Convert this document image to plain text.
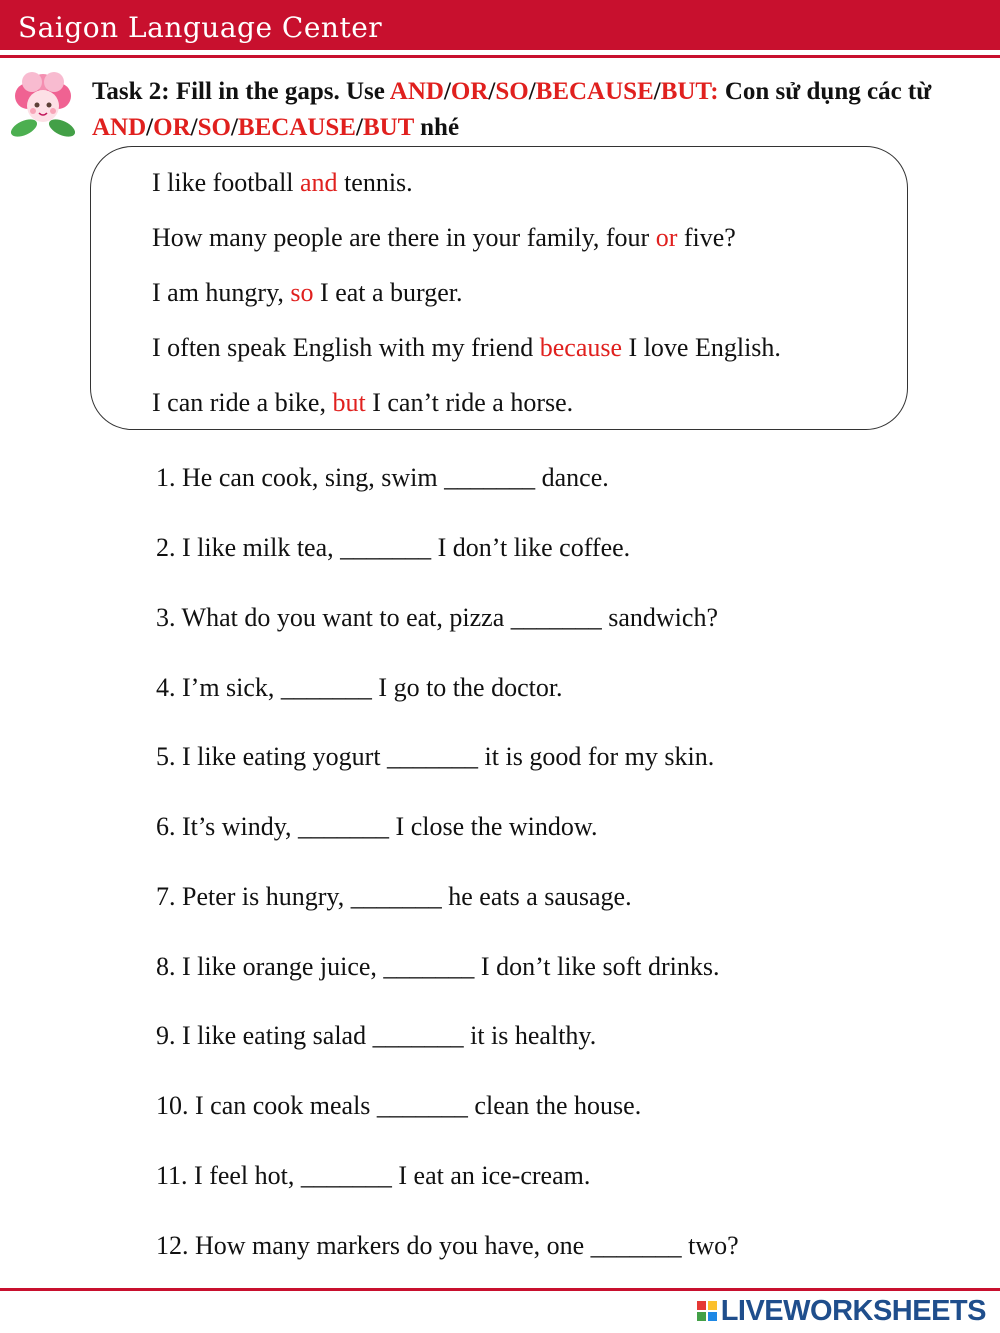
Saigon Language Center
Task 2: Fill in the gaps. Use AND/OR/SO/BECAUSE/BUT: Con sử dụng các từ AND/OR/SO/BECAUSE/BUT nhé
I like football and tennis.
How many people are there in your family, four or five?
I am hungry, so I eat a burger.
I often speak English with my friend because I love English.
I can ride a bike, but I can’t ride a horse.
1. He can cook, sing, swim _______ dance.
2. I like milk tea, _______ I don’t like coffee.
3. What do you want to eat, pizza _______ sandwich?
4. I’m sick, _______ I go to the doctor.
5. I like eating yogurt _______ it is good for my skin.
6. It’s windy, _______ I close the window.
7. Peter is hungry, _______ he eats a sausage.
8. I like orange juice, _______ I don’t like soft drinks.
9. I like eating salad _______ it is healthy.
10. I can cook meals _______ clean the house.
11. I feel hot, _______ I eat an ice-cream.
12. How many markers do you have, one _______ two?
LIVEWORKSHEETS
